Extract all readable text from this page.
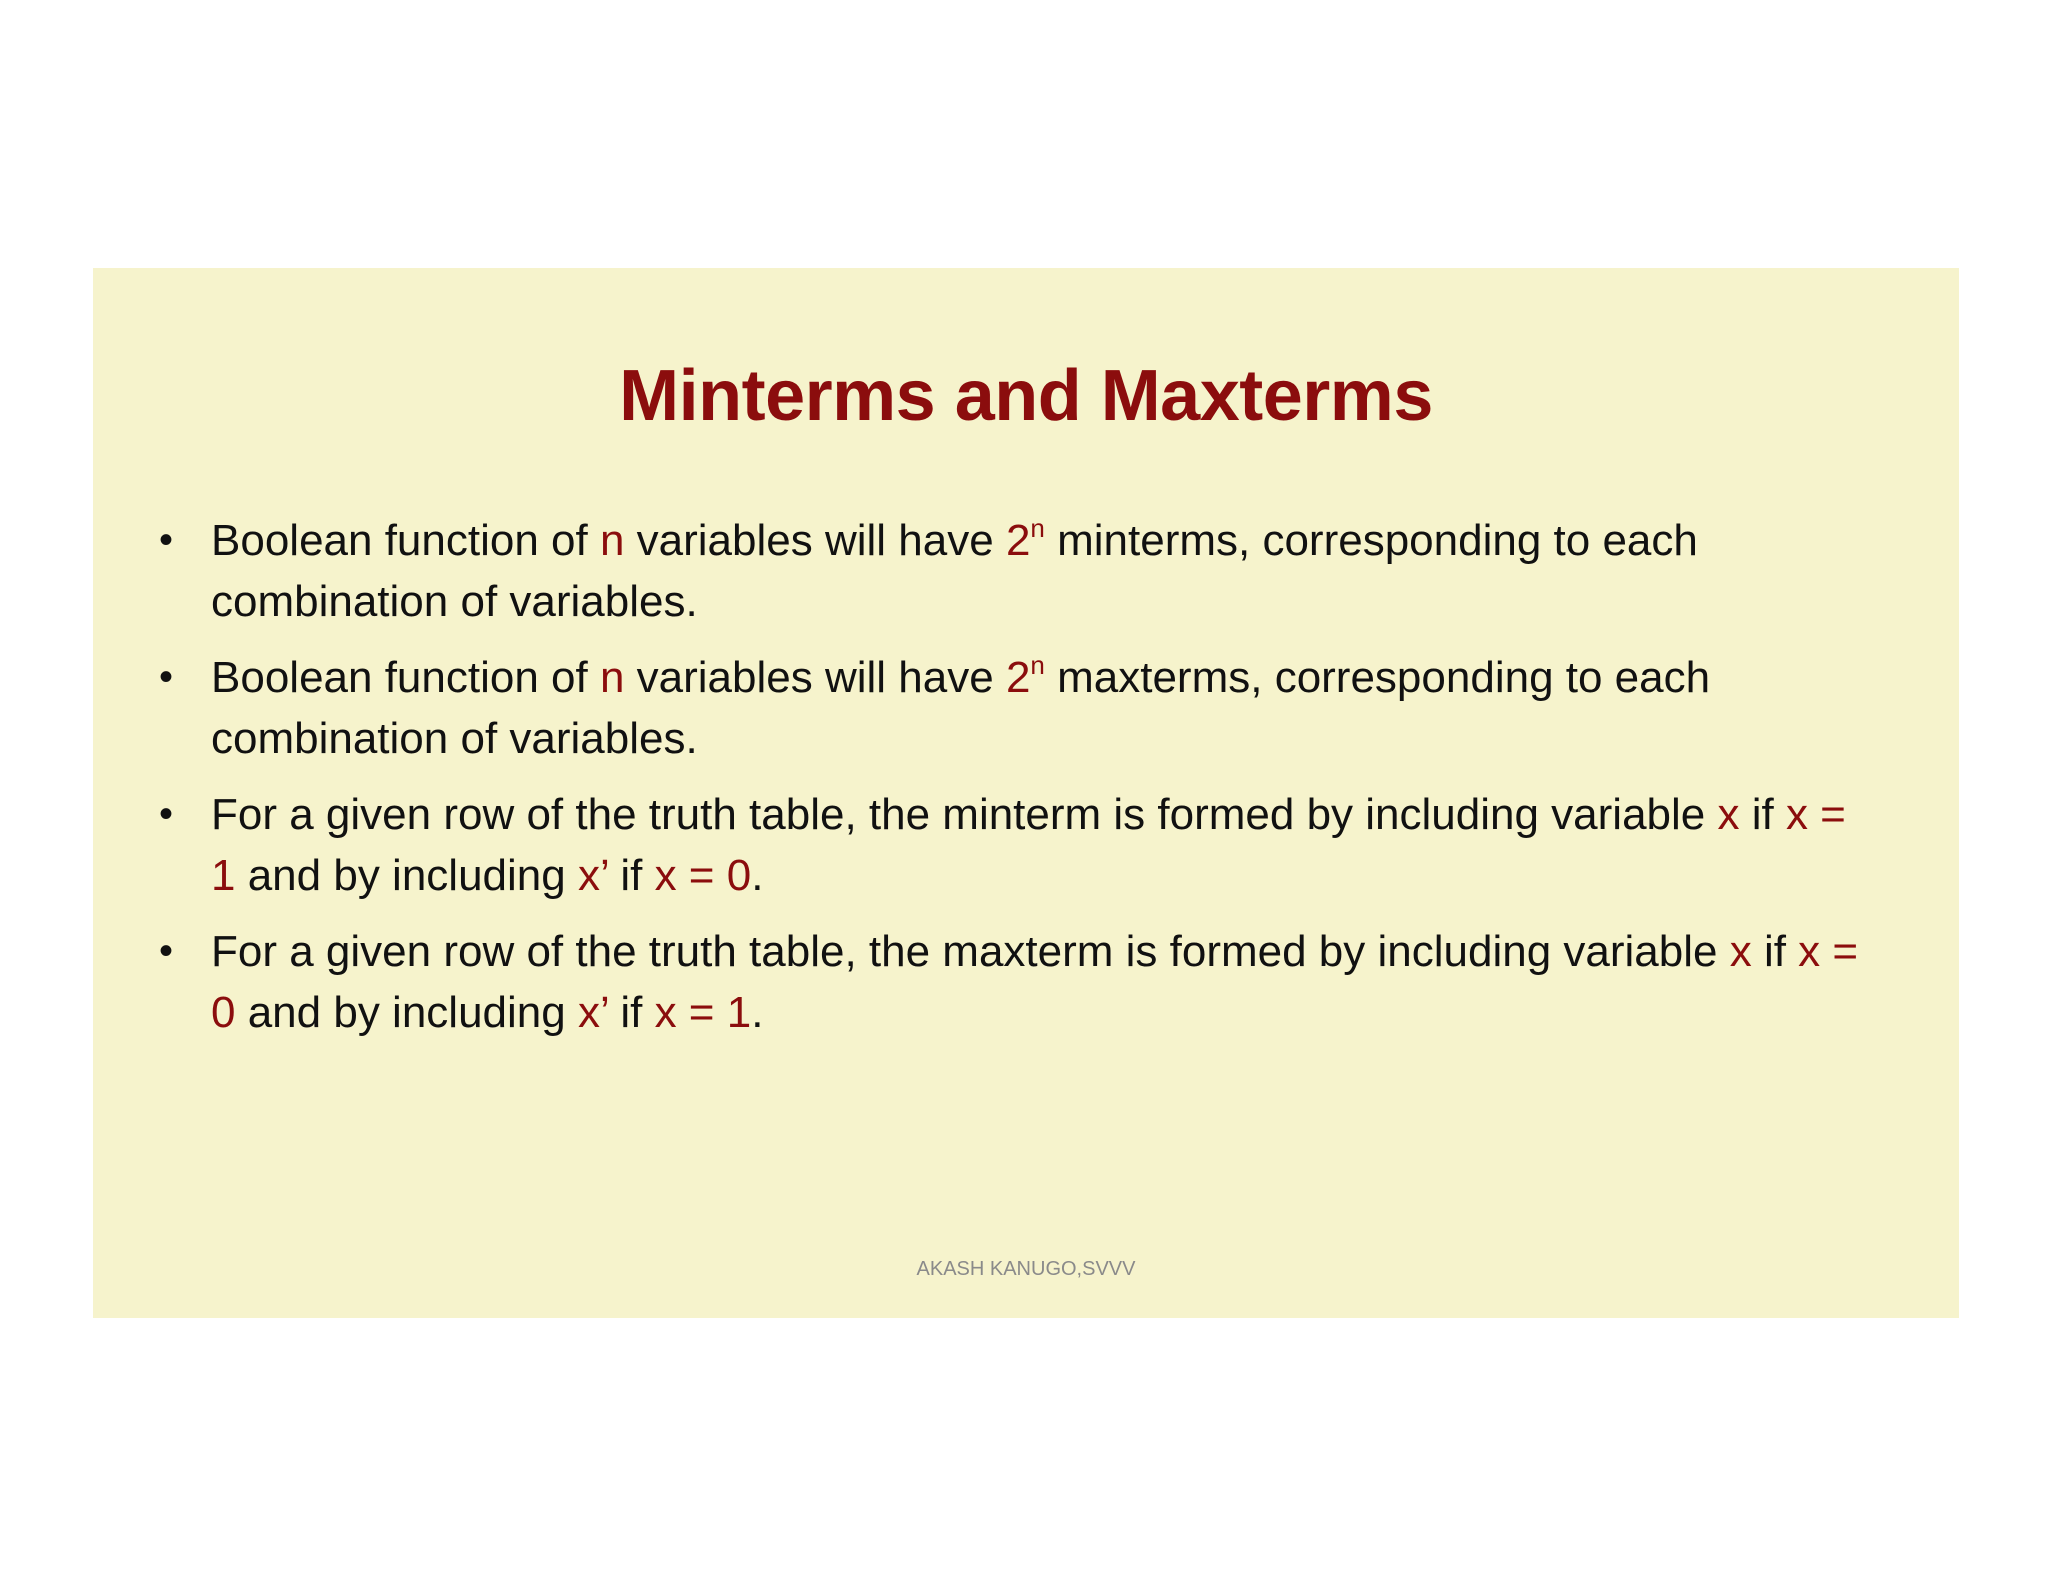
Minterms and Maxterms
• Boolean function of n variables will have 2$^n$ minterms, corresponding to each combination of variables.
• Boolean function of n variables will have 2$^n$ maxterms, corresponding to each combination of variables.
• For a given row of the truth table, the minterm is formed by including variable x if x = 1 and by including x’ if x = 0.
• For a given row of the truth table, the maxterm is formed by including variable x if x = 0 and by including x’ if x = 1.
AKASH KANUGO,SVVV
